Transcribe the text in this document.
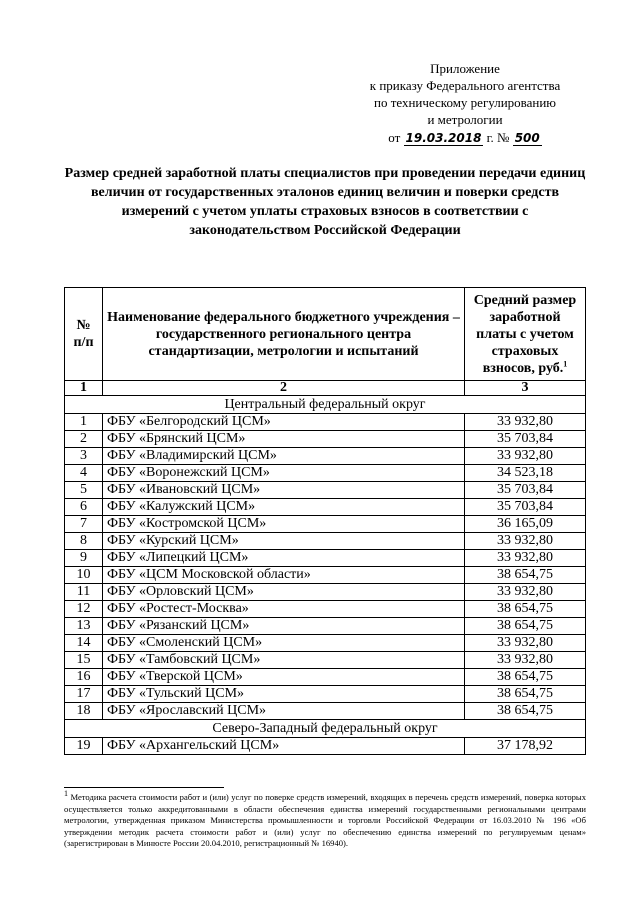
Приложение
к приказу Федерального агентства
по техническому регулированию
и метрологии
от 19.03.2018 г. № 500
Размер средней заработной платы специалистов при проведении передачи единиц величин от государственных эталонов единиц величин и поверки средств измерений с учетом уплаты страховых взносов в соответствии с законодательством Российской Федерации
№ п/п	Наименование федерального бюджетного учреждения – государственного регионального центра стандартизации, метрологии и испытаний	Средний размер заработной платы с учетом страховых взносов, руб.$^1$
1	2	3
Центральный федеральный округ		
1	ФБУ «Белгородский ЦСМ»	33 932,80
2	ФБУ «Брянский ЦСМ»	35 703,84
3	ФБУ «Владимирский ЦСМ»	33 932,80
4	ФБУ «Воронежский ЦСМ»	34 523,18
5	ФБУ «Ивановский ЦСМ»	35 703,84
6	ФБУ «Калужский ЦСМ»	35 703,84
7	ФБУ «Костромской ЦСМ»	36 165,09
8	ФБУ «Курский ЦСМ»	33 932,80
9	ФБУ «Липецкий ЦСМ»	33 932,80
10	ФБУ «ЦСМ Московской области»	38 654,75
11	ФБУ «Орловский ЦСМ»	33 932,80
12	ФБУ «Ростест-Москва»	38 654,75
13	ФБУ «Рязанский ЦСМ»	38 654,75
14	ФБУ «Смоленский ЦСМ»	33 932,80
15	ФБУ «Тамбовский ЦСМ»	33 932,80
16	ФБУ «Тверской ЦСМ»	38 654,75
17	ФБУ «Тульский ЦСМ»	38 654,75
18	ФБУ «Ярославский ЦСМ»	38 654,75
Северо-Западный федеральный округ		
19	ФБУ «Архангельский ЦСМ»	37 178,92
$^1$ Методика расчета стоимости работ и (или) услуг по поверке средств измерений, входящих в перечень средств измерений, поверка которых осуществляется только аккредитованными в области обеспечения единства измерений государственными региональными центрами метрологии, утвержденная приказом Министерства промышленности и торговли Российской Федерации от 16.03.2010 № 196 «Об утверждении методик расчета стоимости работ и (или) услуг по обеспечению единства измерений по регулируемым ценам» (зарегистрирован в Минюсте России 20.04.2010, регистрационный № 16940).
